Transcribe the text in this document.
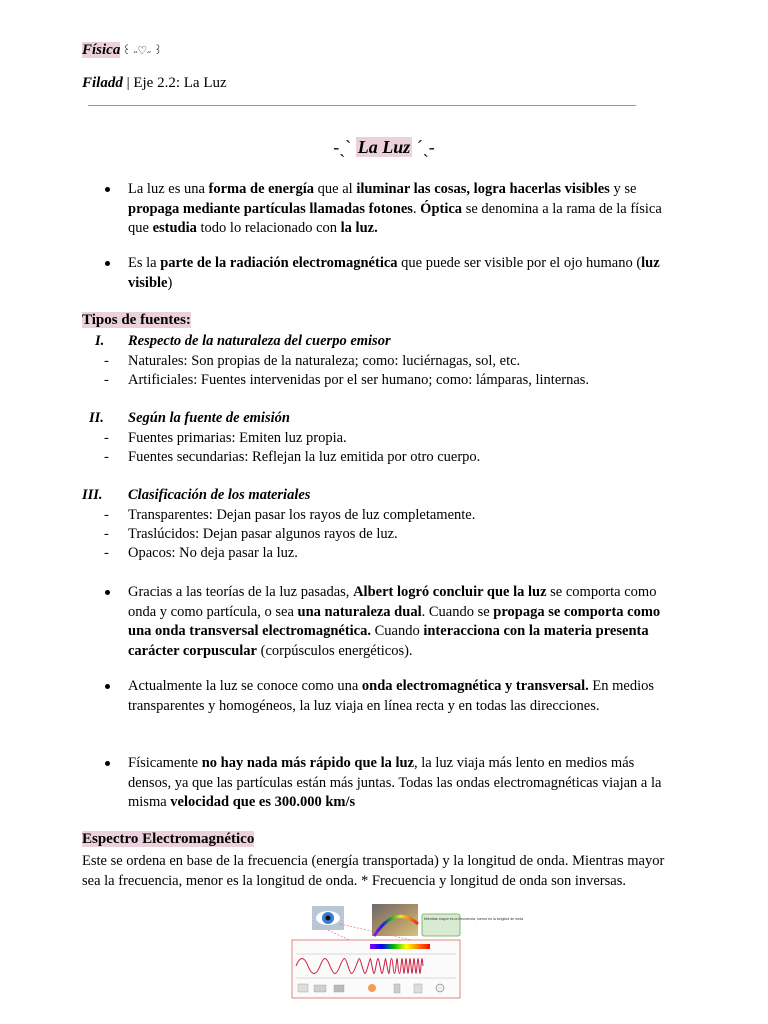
Física ꒰ ˶♡˶ ꒱
Filadd | Eje 2.2: La Luz
-ˏˋ La Luz ˊˎ-
La luz es una forma de energía que al iluminar las cosas, logra hacerlas visibles y se propaga mediante partículas llamadas fotones. Óptica se denomina a la rama de la física que estudia todo lo relacionado con la luz.
Es la parte de la radiación electromagnética que puede ser visible por el ojo humano (luz visible)
Tipos de fuentes:
I. Respecto de la naturaleza del cuerpo emisor
- Naturales: Son propias de la naturaleza; como: luciérnagas, sol, etc.
- Artificiales: Fuentes intervenidas por el ser humano; como: lámparas, linternas.
II. Según la fuente de emisión
- Fuentes primarias: Emiten luz propia.
- Fuentes secundarias: Reflejan la luz emitida por otro cuerpo.
III. Clasificación de los materiales
- Transparentes: Dejan pasar los rayos de luz completamente.
- Traslúcidos: Dejan pasar algunos rayos de luz.
- Opacos: No deja pasar la luz.
Gracias a las teorías de la luz pasadas, Albert logró concluir que la luz se comporta como onda y como partícula, o sea una naturaleza dual. Cuando se propaga se comporta como una onda transversal electromagnética. Cuando interacciona con la materia presenta carácter corpuscular (corpúsculos energéticos).
Actualmente la luz se conoce como una onda electromagnética y transversal. En medios transparentes y homogéneos, la luz viaja en línea recta y en todas las direcciones.
Físicamente no hay nada más rápido que la luz, la luz viaja más lento en medios más densos, ya que las partículas están más juntas. Todas las ondas electromagnéticas viajan a la misma velocidad que es 300.000 km/s
Espectro Electromagnético
Este se ordena en base de la frecuencia (energía transportada) y la longitud de onda. Mientras mayor sea la frecuencia, menor es la longitud de onda. * Frecuencia y longitud de onda son inversas.
Mientras mayor es la frecuencia, menor es la longitud de onda
